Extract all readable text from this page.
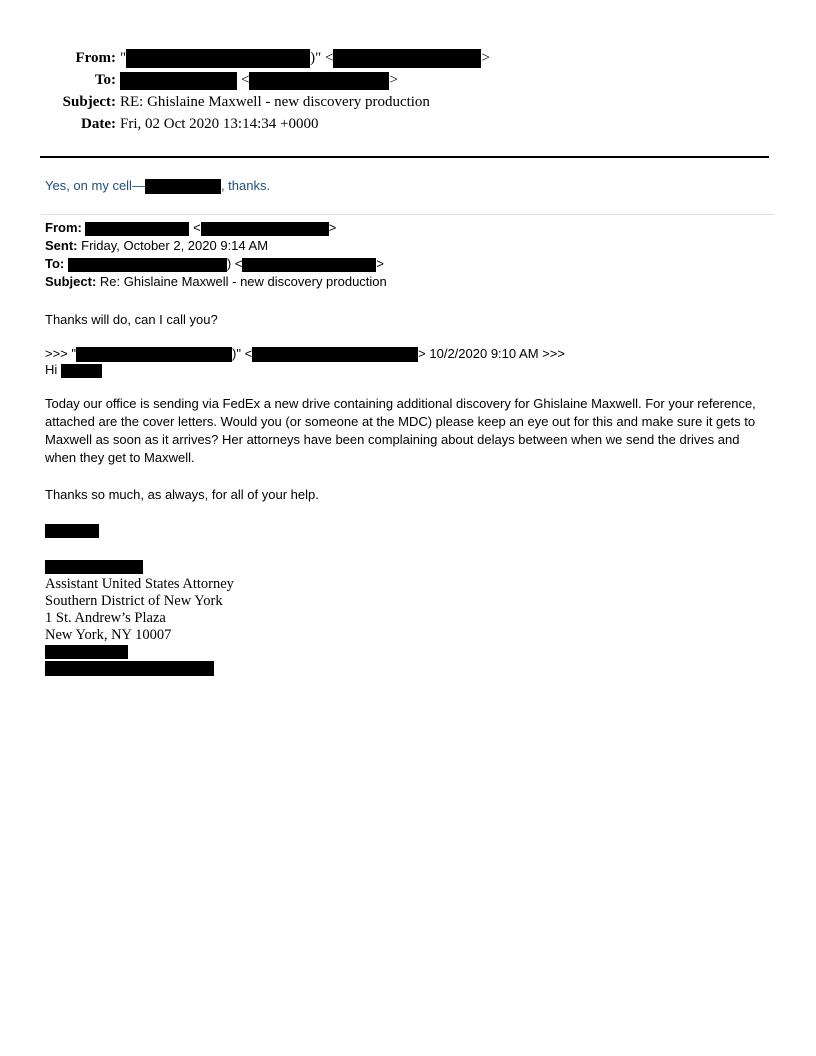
From: "	)" <	>
To:	<	>
Subject: RE: Ghislaine Maxwell - new discovery production
Date: Fri, 02 Oct 2020 13:14:34 +0000
Yes, on my cell—	, thanks.
From:	<	>
Sent: Friday, October 2, 2020 9:14 AM
To:	) <	>
Subject: Re: Ghislaine Maxwell - new discovery production
Thanks will do, can I call you?
>>> "	)" <	> 10/2/2020 9:10 AM >>>
Hi
Today our office is sending via FedEx a new drive containing additional discovery for Ghislaine Maxwell. For your reference, attached are the cover letters. Would you (or someone at the MDC) please keep an eye out for this and make sure it gets to Maxwell as soon as it arrives? Her attorneys have been complaining about delays between when we send the drives and when they get to Maxwell.
Thanks so much, as always, for all of your help.
Assistant United States Attorney
Southern District of New York
1 St. Andrew’s Plaza
New York, NY 10007
